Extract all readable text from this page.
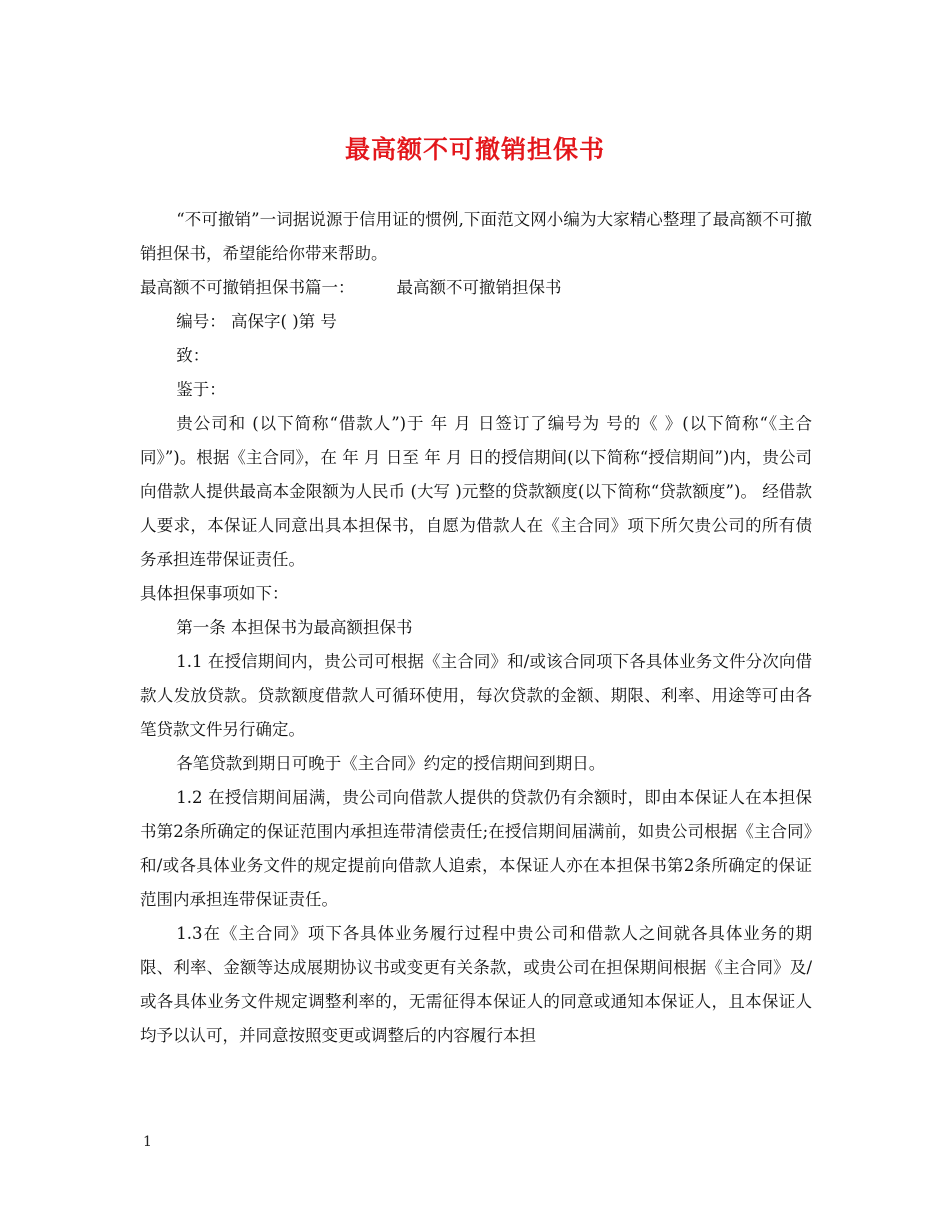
最高额不可撤销担保书

“不可撤销”一词据说源于信用证的惯例,下面范文网小编为大家精心整理了最高额不可撤销担保书，希望能给你带来帮助。

最高额不可撤销担保书篇一：	最高额不可撤销担保书

编号： 高保字( )第 号

致：

鉴于：

贵公司和 (以下简称“借款人”)于 年 月 日签订了编号为 号的《 》(以下简称“《主合同》”)。根据《主合同》，在 年 月 日至 年 月 日的授信期间(以下简称“授信期间”)内，贵公司向借款人提供最高本金限额为人民币 (大写 )元整的贷款额度(以下简称“贷款额度”)。 经借款人要求，本保证人同意出具本担保书，自愿为借款人在《主合同》项下所欠贵公司的所有债务承担连带保证责任。

具体担保事项如下：

第一条 本担保书为最高额担保书

1.1 在授信期间内，贵公司可根据《主合同》和/或该合同项下各具体业务文件分次向借款人发放贷款。贷款额度借款人可循环使用，每次贷款的金额、期限、利率、用途等可由各笔贷款文件另行确定。

各笔贷款到期日可晚于《主合同》约定的授信期间到期日。

1.2 在授信期间届满，贵公司向借款人提供的贷款仍有余额时，即由本保证人在本担保书第2条所确定的保证范围内承担连带清偿责任;在授信期间届满前，如贵公司根据《主合同》和/或各具体业务文件的规定提前向借款人追索，本保证人亦在本担保书第2条所确定的保证范围内承担连带保证责任。

1.3在《主合同》项下各具体业务履行过程中贵公司和借款人之间就各具体业务的期限、利率、金额等达成展期协议书或变更有关条款，或贵公司在担保期间根据《主合同》及/或各具体业务文件规定调整利率的，无需征得本保证人的同意或通知本保证人，且本保证人均予以认可，并同意按照变更或调整后的内容履行本担

1
